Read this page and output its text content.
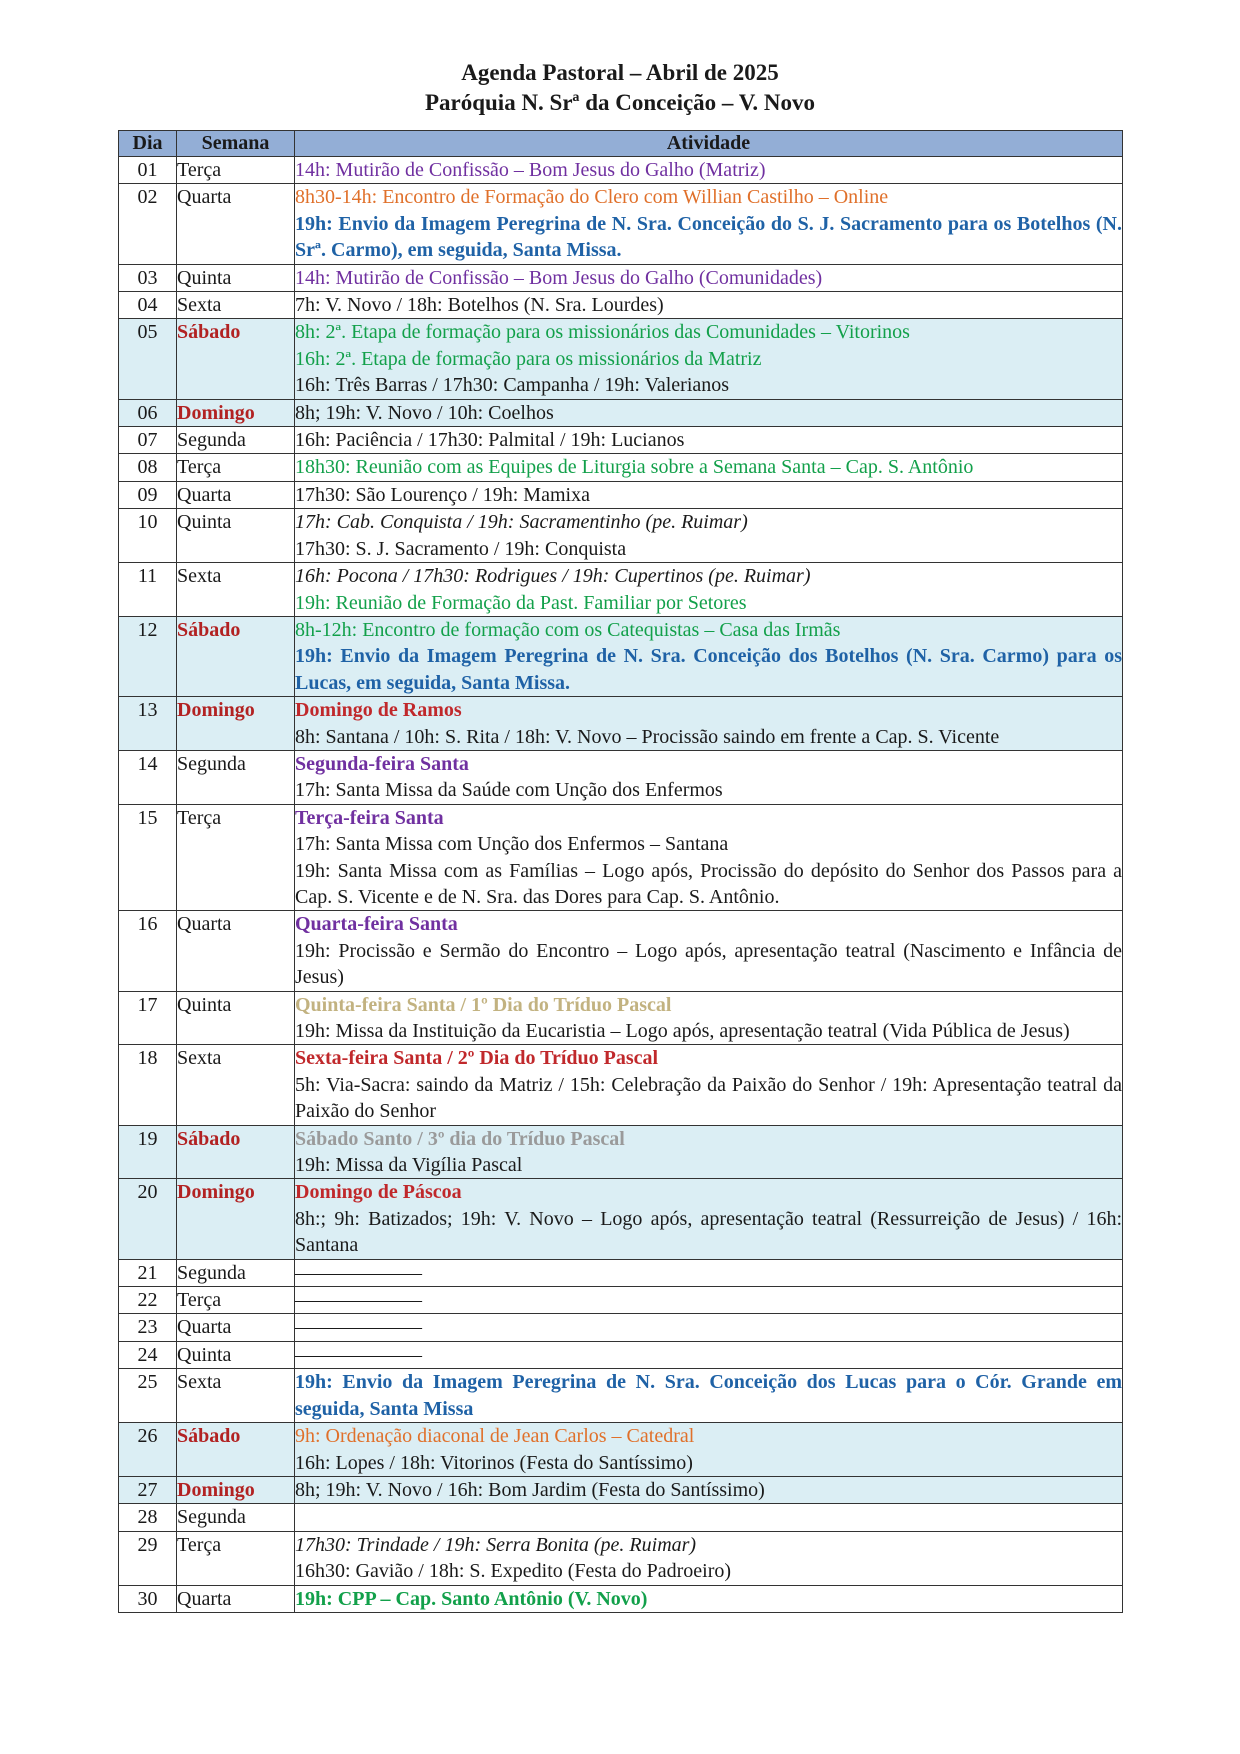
Agenda Pastoral – Abril de 2025
Paróquia N. Srª da Conceição – V. Novo
Dia	Semana	Atividade
01	Terça	14h: Mutirão de Confissão – Bom Jesus do Galho (Matriz)

02	Quarta	8h30-14h: Encontro de Formação do Clero com Willian Castilho – Online
19h: Envio da Imagem Peregrina de N. Sra. Conceição do S. J. Sacramento para os Botelhos (N. Srª. Carmo), em seguida, Santa Missa.

03	Quinta	14h: Mutirão de Confissão – Bom Jesus do Galho (Comunidades)

04	Sexta	7h: V. Novo / 18h: Botelhos (N. Sra. Lourdes)

05	Sábado	8h: 2ª. Etapa de formação para os missionários das Comunidades – Vitorinos
16h: 2ª. Etapa de formação para os missionários da Matriz
16h: Três Barras / 17h30: Campanha / 19h: Valerianos

06	Domingo	8h; 19h: V. Novo / 10h: Coelhos

07	Segunda	16h: Paciência / 17h30: Palmital / 19h: Lucianos

08	Terça	18h30: Reunião com as Equipes de Liturgia sobre a Semana Santa – Cap. S. Antônio

09	Quarta	17h30: São Lourenço / 19h: Mamixa

10	Quinta	17h: Cab. Conquista / 19h: Sacramentinho (pe. Ruimar)
17h30: S. J. Sacramento / 19h: Conquista

11	Sexta	16h: Pocona / 17h30: Rodrigues / 19h: Cupertinos (pe. Ruimar)
19h: Reunião de Formação da Past. Familiar por Setores

12	Sábado	8h-12h: Encontro de formação com os Catequistas – Casa das Irmãs
19h: Envio da Imagem Peregrina de N. Sra. Conceição dos Botelhos (N. Sra. Carmo) para os Lucas, em seguida, Santa Missa.

13	Domingo	Domingo de Ramos
8h: Santana / 10h: S. Rita / 18h: V. Novo – Procissão saindo em frente a Cap. S. Vicente

14	Segunda	Segunda-feira Santa
17h: Santa Missa da Saúde com Unção dos Enfermos

15	Terça	Terça-feira Santa
17h: Santa Missa com Unção dos Enfermos – Santana
19h: Santa Missa com as Famílias – Logo após, Procissão do depósito do Senhor dos Passos para a Cap. S. Vicente e de N. Sra. das Dores para Cap. S. Antônio.

16	Quarta	Quarta-feira Santa
19h: Procissão e Sermão do Encontro – Logo após, apresentação teatral (Nascimento e Infância de Jesus)

17	Quinta	Quinta-feira Santa / 1º Dia do Tríduo Pascal
19h: Missa da Instituição da Eucaristia – Logo após, apresentação teatral (Vida Pública de Jesus)

18	Sexta	Sexta-feira Santa / 2º Dia do Tríduo Pascal
5h: Via-Sacra: saindo da Matriz / 15h: Celebração da Paixão do Senhor / 19h: Apresentação teatral da Paixão do Senhor

19	Sábado	Sábado Santo / 3º dia do Tríduo Pascal
19h: Missa da Vigília Pascal

20	Domingo	Domingo de Páscoa
8h:; 9h: Batizados; 19h: V. Novo – Logo após, apresentação teatral (Ressurreição de Jesus) / 16h: Santana

21	Segunda	––––––––––––––

22	Terça	––––––––––––––

23	Quarta	––––––––––––––

24	Quinta	––––––––––––––

25	Sexta	19h: Envio da Imagem Peregrina de N. Sra. Conceição dos Lucas para o Cór. Grande em seguida, Santa Missa

26	Sábado	9h: Ordenação diaconal de Jean Carlos – Catedral
16h: Lopes / 18h: Vitorinos (Festa do Santíssimo)

27	Domingo	8h; 19h: V. Novo / 16h: Bom Jardim (Festa do Santíssimo)

28	Segunda	
29	Terça	17h30: Trindade / 19h: Serra Bonita (pe. Ruimar)
16h30: Gavião / 18h: S. Expedito (Festa do Padroeiro)

30	Quarta	19h: CPP – Cap. Santo Antônio (V. Novo)
